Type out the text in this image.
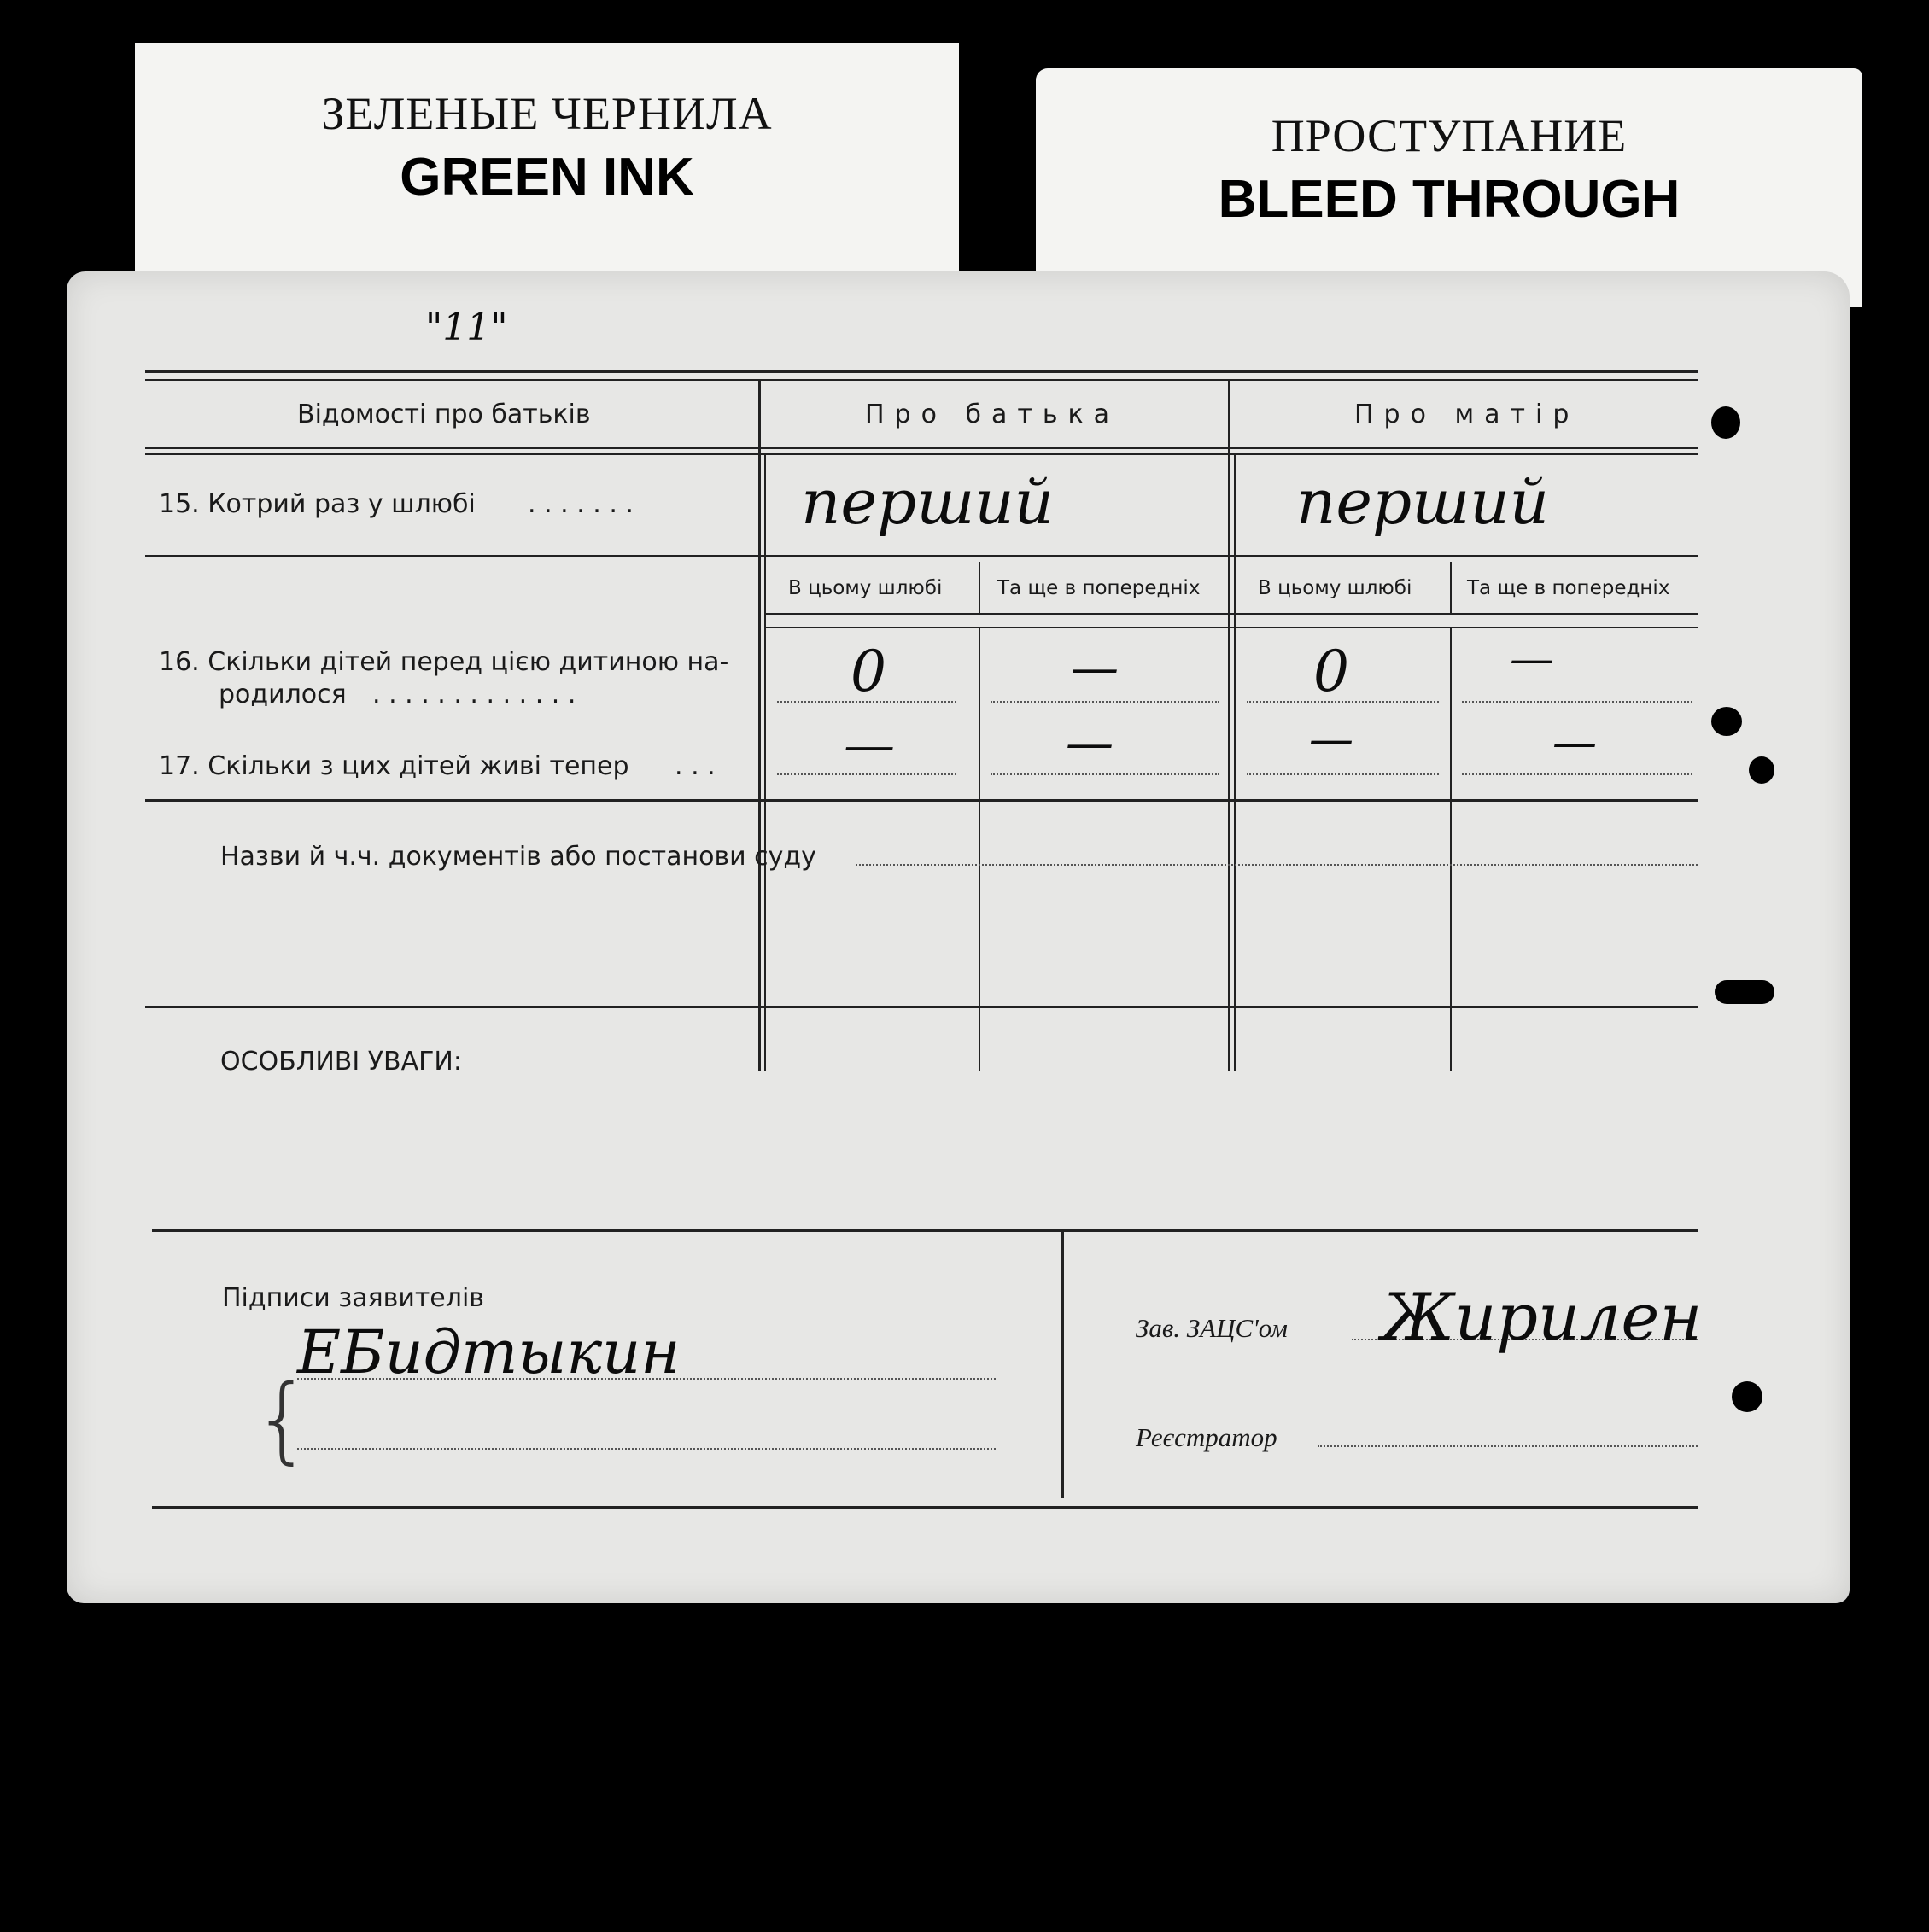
ЗЕЛЕНЫЕ ЧЕРНИЛА
GREEN INK
ПРОСТУПАНИЕ
BLEED THROUGH
"11"
Відомості про батьків	Про батька	Про матір
15. Котрий раз у шлюбі . . . . . . .	перший	перший
В цьому шлюбі	Та ще в попередніх	В цьому шлюбі	Та ще в попередніх
16. Скільки дітей перед цією дитиною на-
родилося . . . . . . . . . . . . .	0	—	0	—
17. Скільки з цих дітей живі тепер . . .	—	—	—	—
Назви й ч.ч. документів або постанови суду
ОСОБЛИВІ УВАГИ:
Підписи заявителів
ЕБидтыкин
{
Зав. ЗАЦС'ом Жирилен
Реєстратор
